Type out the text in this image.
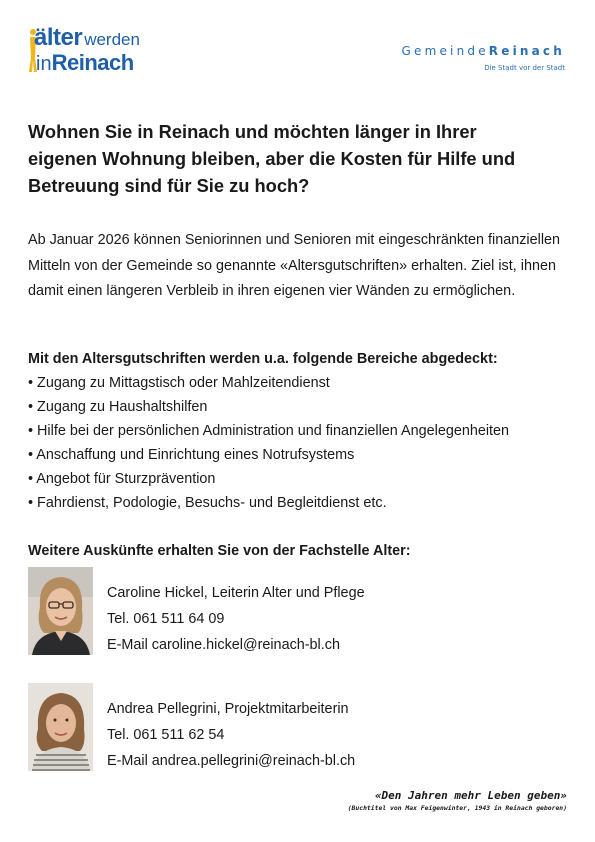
älter werden
inReinach	GemeindeReinach
Die Stadt vor der Stadt
Wohnen Sie in Reinach und möchten länger in Ihrer eigenen Wohnung bleiben, aber die Kosten für Hilfe und Betreuung sind für Sie zu hoch?

Ab Januar 2026 können Seniorinnen und Senioren mit eingeschränkten finanziellen Mitteln von der Gemeinde so genannte «Altersgutschriften» erhalten. Ziel ist, ihnen damit einen längeren Verbleib in ihren eigenen vier Wänden zu ermöglichen.

Mit den Altersgutschriften werden u.a. folgende Bereiche abgedeckt:
• Zugang zu Mittagstisch oder Mahlzeitendienst
• Zugang zu Haushaltshilfen
• Hilfe bei der persönlichen Administration und finanziellen Angelegenheiten
• Anschaffung und Einrichtung eines Notrufsystems
• Angebot für Sturzprävention
• Fahrdienst, Podologie, Besuchs- und Begleitdienst etc.
Weitere Auskünfte erhalten Sie von der Fachstelle Alter:
Caroline Hickel, Leiterin Alter und Pflege
Tel. 061 511 64 09
E-Mail caroline.hickel@reinach-bl.ch
Andrea Pellegrini, Projektmitarbeiterin
Tel. 061 511 62 54
E-Mail andrea.pellegrini@reinach-bl.ch
«Den Jahren mehr Leben geben»
(Buchtitel von Max Feigenwinter, 1943 in Reinach geboren)
